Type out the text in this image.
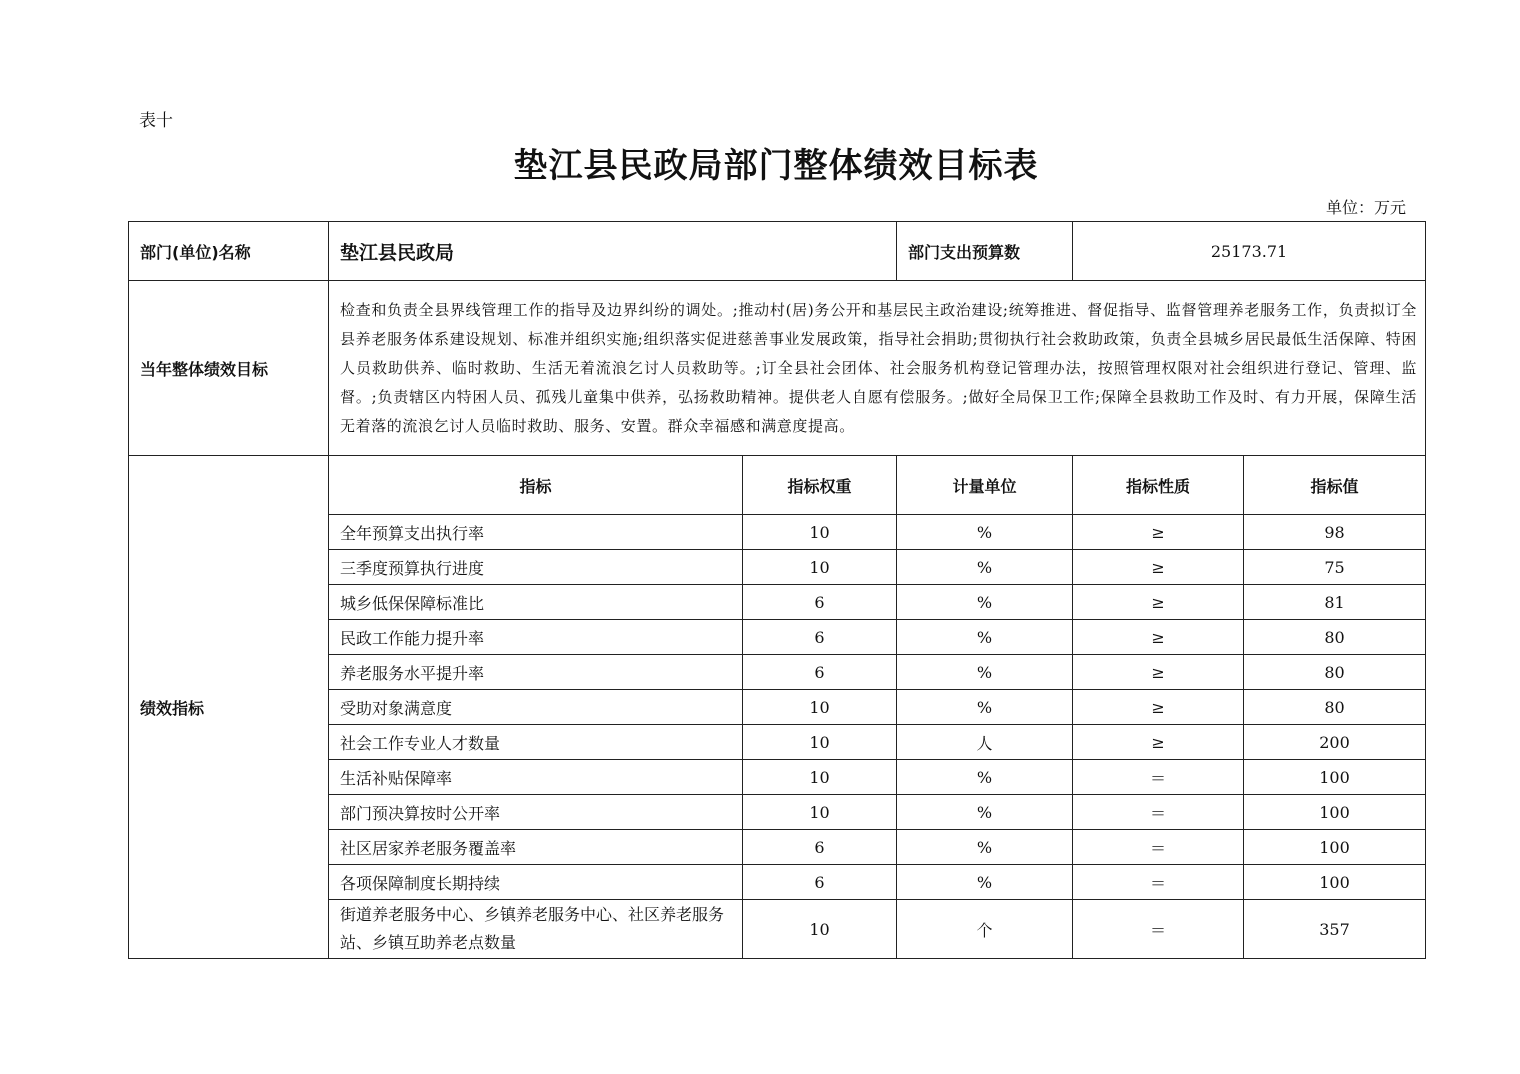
表十
垫江县民政局部门整体绩效目标表
单位：万元
部门(单位)名称	垫江县民政局		部门支出预算数	25173.71	
当年整体绩效目标	检查和负责全县界线管理工作的指导及边界纠纷的调处。;推动村(居)务公开和基层民主政治建设;统筹推进、督促指导、监督管理养老服务工作，负责拟订全县养老服务体系建设规划、标准并组织实施;组织落实促进慈善事业发展政策，指导社会捐助;贯彻执行社会救助政策，负责全县城乡居民最低生活保障、特困人员救助供养、临时救助、生活无着流浪乞讨人员救助等。;订全县社会团体、社会服务机构登记管理办法，按照管理权限对社会组织进行登记、管理、监督。;负责辖区内特困人员、孤残儿童集中供养，弘扬救助精神。提供老人自愿有偿服务。;做好全局保卫工作;保障全县救助工作及时、有力开展，保障生活无着落的流浪乞讨人员临时救助、服务、安置。群众幸福感和满意度提高。				
绩效指标	指标	指标权重	计量单位	指标性质	指标值
	全年预算支出执行率	10	%	≥	98
	三季度预算执行进度	10	%	≥	75
	城乡低保保障标准比	6	%	≥	81
	民政工作能力提升率	6	%	≥	80
	养老服务水平提升率	6	%	≥	80
	受助对象满意度	10	%	≥	80
	社会工作专业人才数量	10	人	≥	200
	生活补贴保障率	10	%	＝	100
	部门预决算按时公开率	10	%	＝	100
	社区居家养老服务覆盖率	6	%	＝	100
	各项保障制度长期持续	6	%	＝	100
	街道养老服务中心、乡镇养老服务中心、社区养老服务站、乡镇互助养老点数量	10	个	＝	357
